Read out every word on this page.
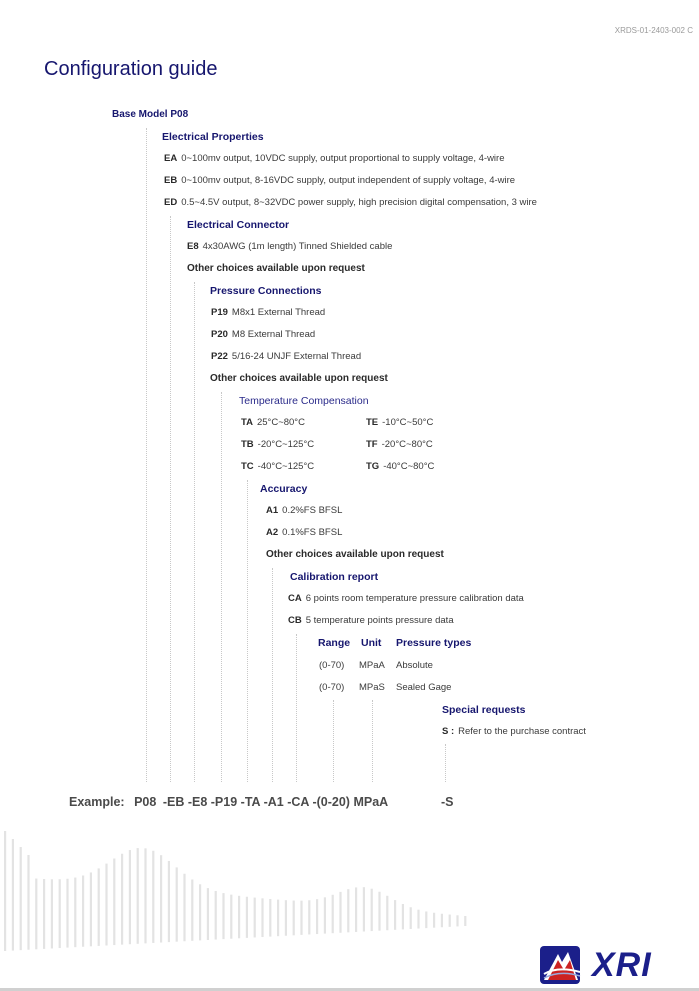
XRDS-01-2403-002 C
Configuration guide
Base Model P08
Electrical Properties
EA 0~100mv output, 10VDC supply, output proportional to supply voltage, 4-wire
EB 0~100mv output, 8-16VDC supply, output independent of supply voltage, 4-wire
ED 0.5~4.5V output, 8~32VDC power supply, high precision digital compensation, 3 wire
Electrical Connector
E8 4x30AWG (1m length) Tinned Shielded cable
Other choices available upon request
Pressure Connections
P19 M8x1 External Thread
P20 M8 External Thread
P22 5/16-24 UNJF External Thread
Other choices available upon request
Temperature Compensation
TA 25°C~80°C
TB -20°C~125°C
TC -40°C~125°C
TE -10°C~50°C
TF -20°C~80°C
TG -40°C~80°C
Accuracy
A1 0.2%FS BFSL
A2 0.1%FS BFSL
Other choices available upon request
Calibration report
CA 6 points room temperature pressure calibration data
CB 5 temperature points pressure data
Range Unit Pressure types
(0-70) MPaA Absolute
(0-70) MPaS Sealed Gage
Special requests
S : Refer to the purchase contract
Example: P08 -EB -E8 -P19 -TA -A1 -CA -(0-20) MPaA	-S
XRI
